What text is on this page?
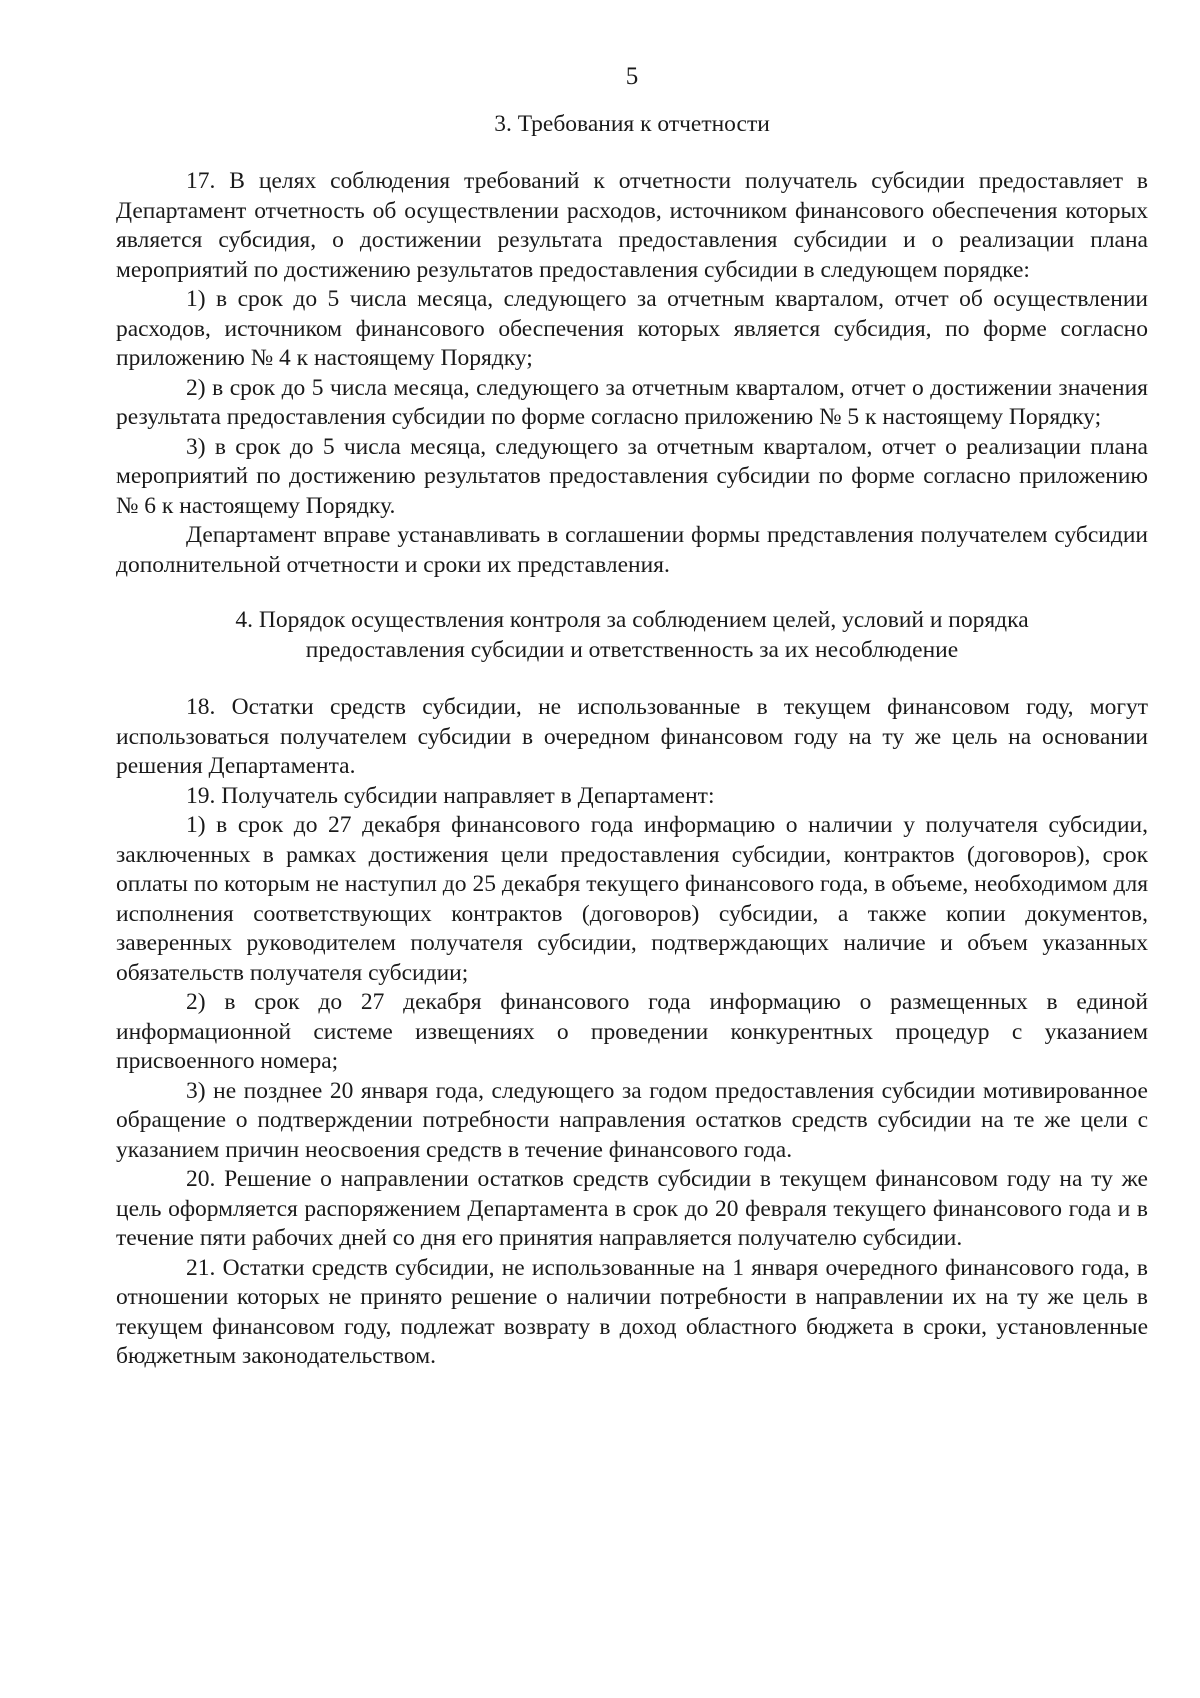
5
3. Требования к отчетности

17. В целях соблюдения требований к отчетности получатель субсидии предоставляет в Департамент отчетность об осуществлении расходов, источником финансового обеспечения которых является субсидия, о достижении результата предоставления субсидии и о реализации плана мероприятий по достижению результатов предоставления субсидии в следующем порядке:

1) в срок до 5 числа месяца, следующего за отчетным кварталом, отчет об осуществлении расходов, источником финансового обеспечения которых является субсидия, по форме согласно приложению № 4 к настоящему Порядку;

2) в срок до 5 числа месяца, следующего за отчетным кварталом, отчет о достижении значения результата предоставления субсидии по форме согласно приложению № 5 к настоящему Порядку;

3) в срок до 5 числа месяца, следующего за отчетным кварталом, отчет о реализации плана мероприятий по достижению результатов предоставления субсидии по форме согласно приложению № 6 к настоящему Порядку.

Департамент вправе устанавливать в соглашении формы представления получателем субсидии дополнительной отчетности и сроки их представления.

4. Порядок осуществления контроля за соблюдением целей, условий и порядка
предоставления субсидии и ответственность за их несоблюдение

18. Остатки средств субсидии, не использованные в текущем финансовом году, могут использоваться получателем субсидии в очередном финансовом году на ту же цель на основании решения Департамента.

19. Получатель субсидии направляет в Департамент:

1) в срок до 27 декабря финансового года информацию о наличии у получателя субсидии, заключенных в рамках достижения цели предоставления субсидии, контрактов (договоров), срок оплаты по которым не наступил до 25 декабря текущего финансового года, в объеме, необходимом для исполнения соответствующих контрактов (договоров) субсидии, а также копии документов, заверенных руководителем получателя субсидии, подтверждающих наличие и объем указанных обязательств получателя субсидии;

2) в срок до 27 декабря финансового года информацию о размещенных в единой информационной системе извещениях о проведении конкурентных процедур с указанием присвоенного номера;

3) не позднее 20 января года, следующего за годом предоставления субсидии мотивированное обращение о подтверждении потребности направления остатков средств субсидии на те же цели с указанием причин неосвоения средств в течение финансового года.

20. Решение о направлении остатков средств субсидии в текущем финансовом году на ту же цель оформляется распоряжением Департамента в срок до 20 февраля текущего финансового года и в течение пяти рабочих дней со дня его принятия направляется получателю субсидии.

21. Остатки средств субсидии, не использованные на 1 января очередного финансового года, в отношении которых не принято решение о наличии потребности в направлении их на ту же цель в текущем финансовом году, подлежат возврату в доход областного бюджета в сроки, установленные бюджетным законодательством.
